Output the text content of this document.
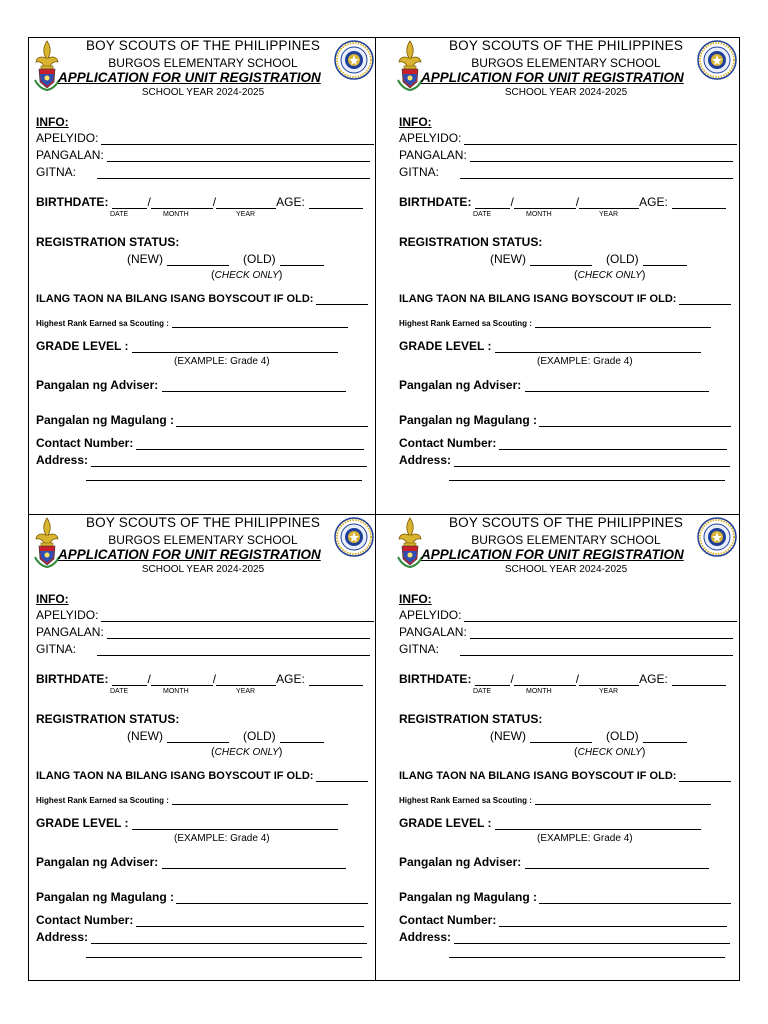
BOY SCOUTS OF THE PHILIPPINES
BURGOS ELEMENTARY SCHOOL
APPLICATION FOR UNIT REGISTRATION
SCHOOL YEAR 2024-2025
INFO:
APELYIDO:
PANGALAN:
GITNA:
BIRTHDATE:	/	/	AGE:
DATE	MONTH	YEAR
REGISTRATION STATUS:
(NEW)	(OLD)
(CHECK ONLY)
ILANG TAON NA BILANG ISANG BOYSCOUT IF OLD:
Highest Rank Earned sa Scouting :
GRADE LEVEL :
(EXAMPLE: Grade 4)
Pangalan ng Adviser:
Pangalan ng Magulang :
Contact Number:
Address:
BOY SCOUTS OF THE PHILIPPINES
BURGOS ELEMENTARY SCHOOL
APPLICATION FOR UNIT REGISTRATION
SCHOOL YEAR 2024-2025
INFO:
APELYIDO:
PANGALAN:
GITNA:
BIRTHDATE:	/	/	AGE:
DATE	MONTH	YEAR
REGISTRATION STATUS:
(NEW)	(OLD)
(CHECK ONLY)
ILANG TAON NA BILANG ISANG BOYSCOUT IF OLD:
Highest Rank Earned sa Scouting :
GRADE LEVEL :
(EXAMPLE: Grade 4)
Pangalan ng Adviser:
Pangalan ng Magulang :
Contact Number:
Address:
BOY SCOUTS OF THE PHILIPPINES
BURGOS ELEMENTARY SCHOOL
APPLICATION FOR UNIT REGISTRATION
SCHOOL YEAR 2024-2025
INFO:
APELYIDO:
PANGALAN:
GITNA:
BIRTHDATE:	/	/	AGE:
DATE	MONTH	YEAR
REGISTRATION STATUS:
(NEW)	(OLD)
(CHECK ONLY)
ILANG TAON NA BILANG ISANG BOYSCOUT IF OLD:
Highest Rank Earned sa Scouting :
GRADE LEVEL :
(EXAMPLE: Grade 4)
Pangalan ng Adviser:
Pangalan ng Magulang :
Contact Number:
Address:
BOY SCOUTS OF THE PHILIPPINES
BURGOS ELEMENTARY SCHOOL
APPLICATION FOR UNIT REGISTRATION
SCHOOL YEAR 2024-2025
INFO:
APELYIDO:
PANGALAN:
GITNA:
BIRTHDATE:	/	/	AGE:
DATE	MONTH	YEAR
REGISTRATION STATUS:
(NEW)	(OLD)
(CHECK ONLY)
ILANG TAON NA BILANG ISANG BOYSCOUT IF OLD:
Highest Rank Earned sa Scouting :
GRADE LEVEL :
(EXAMPLE: Grade 4)
Pangalan ng Adviser:
Pangalan ng Magulang :
Contact Number:
Address:
